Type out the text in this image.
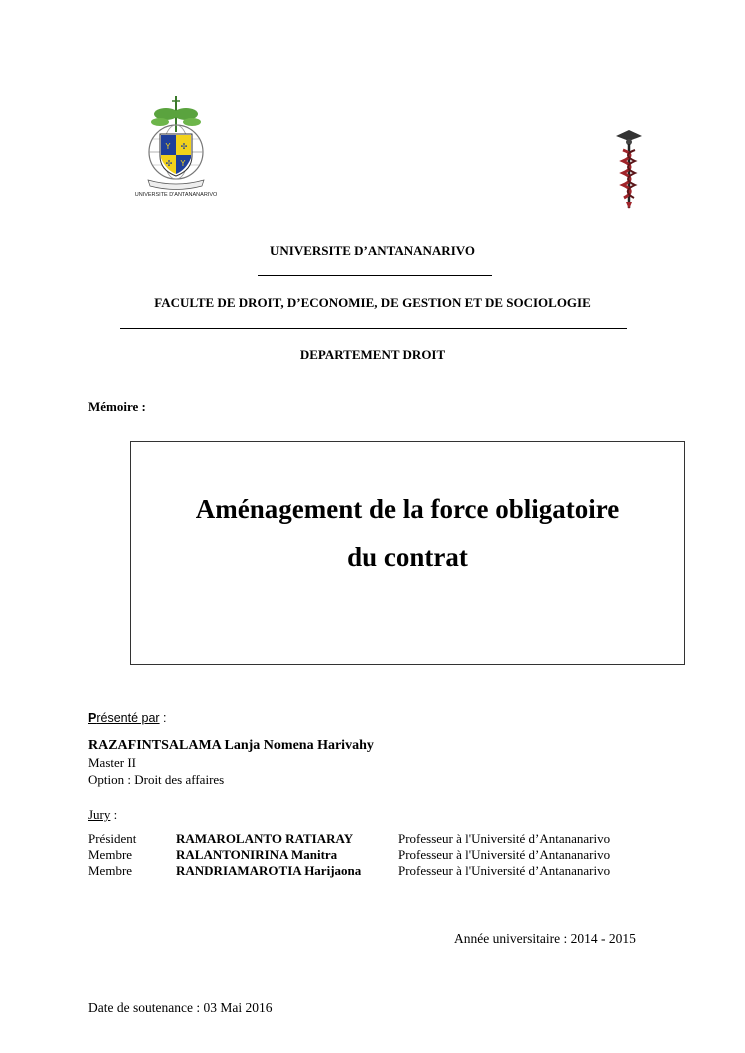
Y ✣
✣ Y
UNIVERSITE D'ANTANANARIVO
UNIVERSITE D’ANTANANARIVO
FACULTE DE DROIT, D’ECONOMIE, DE GESTION ET DE SOCIOLOGIE
DEPARTEMENT DROIT
Mémoire :
Aménagement de la force obligatoire
du contrat
Présenté par :
RAZAFINTSALAMA Lanja Nomena Harivahy
Master II
Option : Droit des affaires
Jury :
Président	RAMAROLANTO RATIARAY	Professeur à l'Université d’Antananarivo
Membre	RALANTONIRINA Manitra	Professeur à l'Université d’Antananarivo
Membre	RANDRIAMAROTIA Harijaona	Professeur à l'Université d’Antananarivo
Année universitaire : 2014 - 2015
Date de soutenance : 03 Mai 2016
